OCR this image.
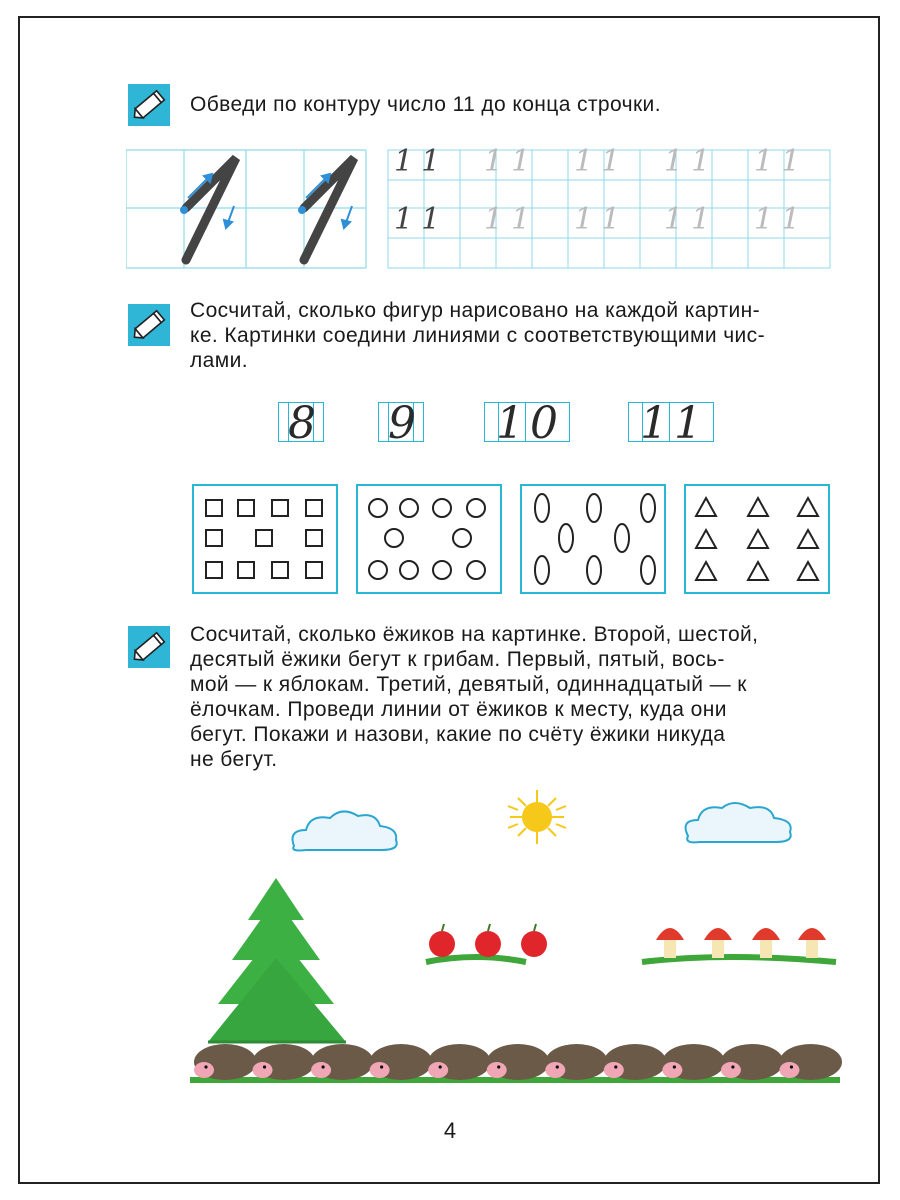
Обведи по контуру число 11 до конца строчки.
11 11 11 11 11
11 11 11 11 11
Сосчитай, сколько фигур нарисовано на каждой картин-
ке. Картинки соедини линиями с соответствующими чис-
лами.
8 9 10 11
Сосчитай, сколько ёжиков на картинке. Второй, шестой,
десятый ёжики бегут к грибам. Первый, пятый, вось-
мой — к яблокам. Третий, девятый, одиннадцатый — к
ёлочкам. Проведи линии от ёжиков к месту, куда они
бегут. Покажи и назови, какие по счёту ёжики никуда
не бегут.
4
